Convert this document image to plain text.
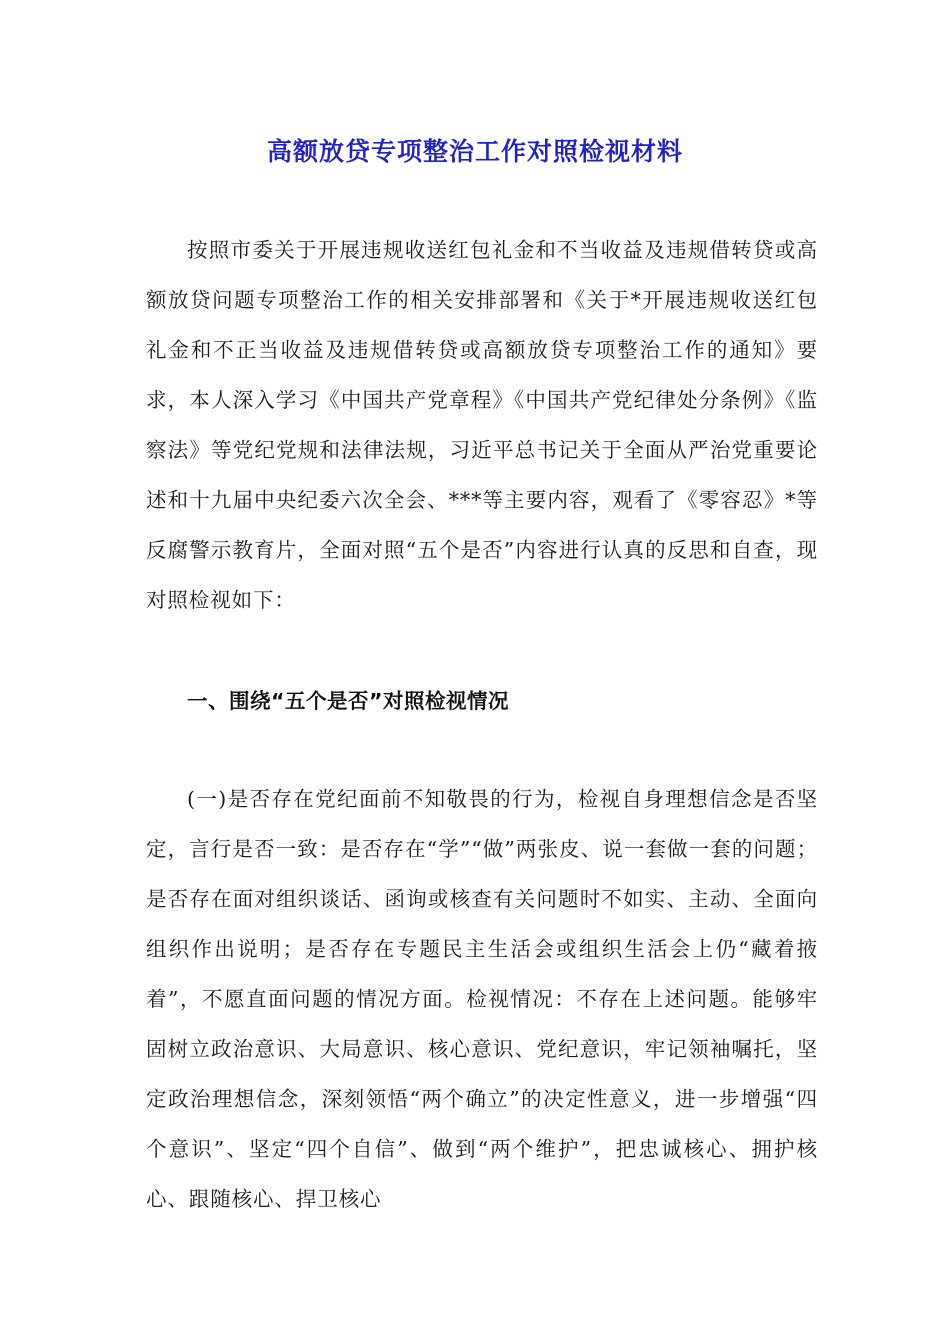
高额放贷专项整治工作对照检视材料

按照市委关于开展违规收送红包礼金和不当收益及违规借转贷或高额放贷问题专项整治工作的相关安排部署和《关于*开展违规收送红包礼金和不正当收益及违规借转贷或高额放贷专项整治工作的通知》要求，本人深入学习《中国共产党章程》《中国共产党纪律处分条例》《监察法》等党纪党规和法律法规，习近平总书记关于全面从严治党重要论述和十九届中央纪委六次全会、***等主要内容，观看了《零容忍》*等反腐警示教育片，全面对照“五个是否”内容进行认真的反思和自查，现对照检视如下：

一、围绕“五个是否”对照检视情况

(一)是否存在党纪面前不知敬畏的行为，检视自身理想信念是否坚定，言行是否一致：是否存在“学”“做”两张皮、说一套做一套的问题；是否存在面对组织谈话、函询或核查有关问题时不如实、主动、全面向组织作出说明；是否存在专题民主生活会或组织生活会上仍“藏着掖着”，不愿直面问题的情况方面。检视情况：不存在上述问题。能够牢固树立政治意识、大局意识、核心意识、党纪意识，牢记领袖嘱托，坚定政治理想信念，深刻领悟“两个确立”的决定性意义，进一步增强“四个意识”、坚定“四个自信”、做到“两个维护”，把忠诚核心、拥护核心、跟随核心、捍卫核心
